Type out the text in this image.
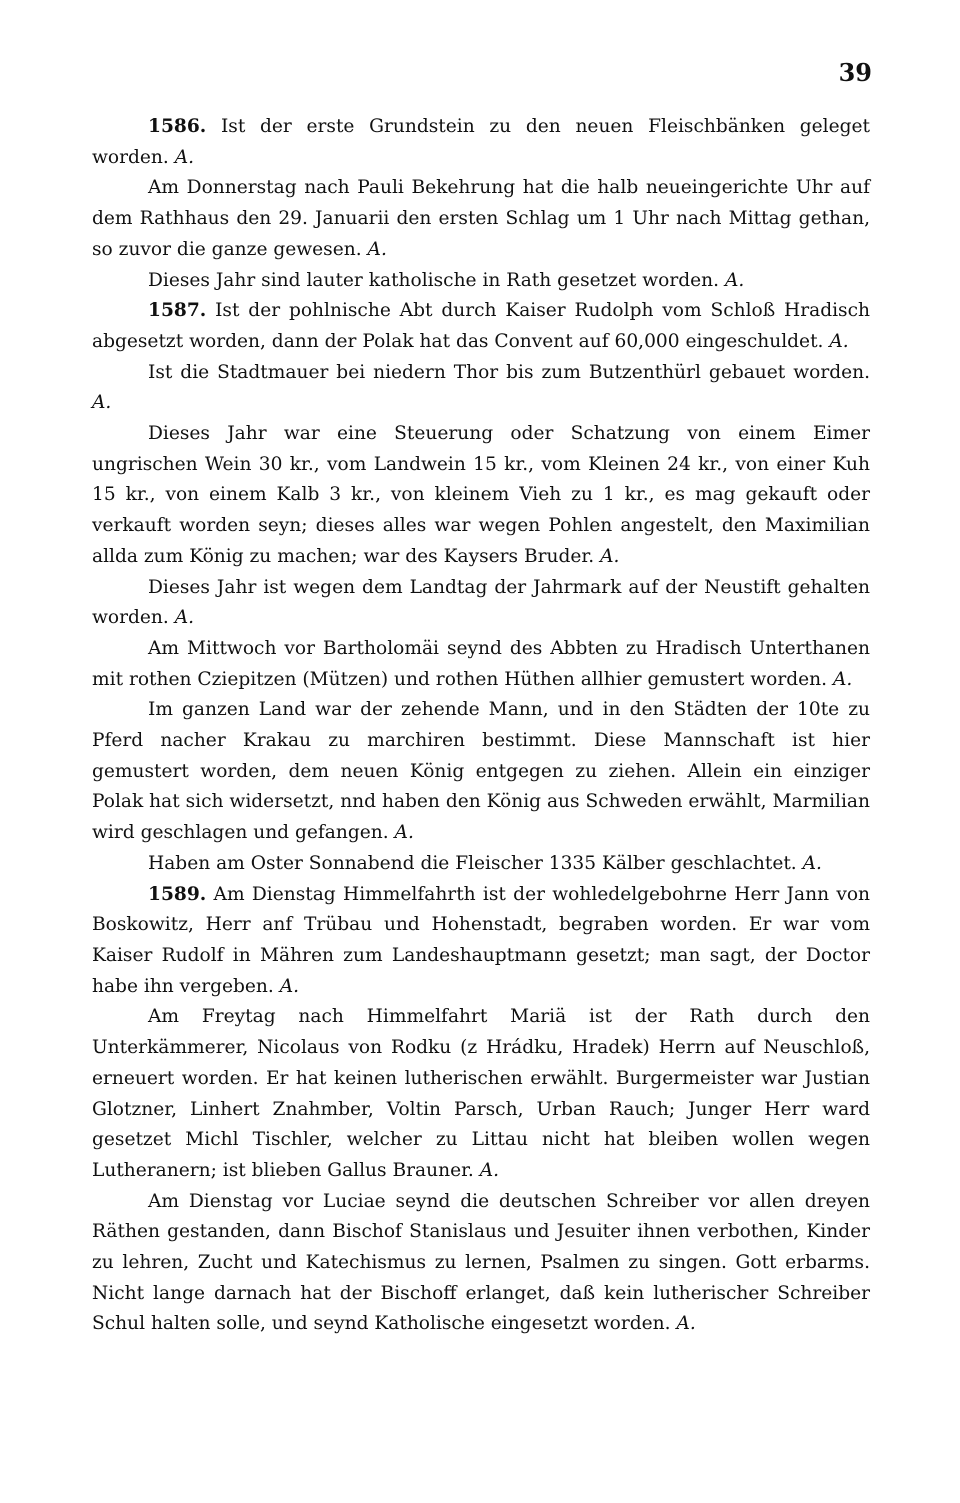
39

1586. Ist der erste Grundstein zu den neuen Fleischbänken geleget worden. A.

Am Donnerstag nach Pauli Bekehrung hat die halb neueingerichte Uhr auf dem Rathhaus den 29. Januarii den ersten Schlag um 1 Uhr nach Mittag gethan, so zuvor die ganze gewesen. A.

Dieses Jahr sind lauter katholische in Rath gesetzet worden. A.

1587. Ist der pohlnische Abt durch Kaiser Rudolph vom Schloß Hradisch abgesetzt worden, dann der Polak hat das Convent auf 60,000 eingeschuldet. A.

Ist die Stadtmauer bei niedern Thor bis zum Butzenthürl gebauet worden. A.

Dieses Jahr war eine Steuerung oder Schatzung von einem Eimer ungrischen Wein 30 kr., vom Landwein 15 kr., vom Kleinen 24 kr., von einer Kuh 15 kr., von einem Kalb 3 kr., von kleinem Vieh zu 1 kr., es mag gekauft oder verkauft worden seyn; dieses alles war wegen Pohlen angestelt, den Maximilian allda zum König zu machen; war des Kaysers Bruder. A.

Dieses Jahr ist wegen dem Landtag der Jahrmark auf der Neustift gehalten worden. A.

Am Mittwoch vor Bartholomäi seynd des Abbten zu Hradisch Unterthanen mit rothen Cziepitzen (Mützen) und rothen Hüthen allhier gemustert worden. A.

Im ganzen Land war der zehende Mann, und in den Städten der 10te zu Pferd nacher Krakau zu marchiren bestimmt. Diese Mannschaft ist hier gemustert worden, dem neuen König entgegen zu ziehen. Allein ein einziger Polak hat sich widersetzt, nnd haben den König aus Schweden erwählt, Marmilian wird geschlagen und gefangen. A.

Haben am Oster Sonnabend die Fleischer 1335 Kälber geschlachtet. A.

1589. Am Dienstag Himmelfahrth ist der wohledelgebohrne Herr Jann von Boskowitz, Herr anf Trübau und Hohenstadt, begraben worden. Er war vom Kaiser Rudolf in Mähren zum Landeshauptmann gesetzt; man sagt, der Doctor habe ihn vergeben. A.

Am Freytag nach Himmelfahrt Mariä ist der Rath durch den Unterkämmerer, Nicolaus von Rodku (z Hrádku, Hradek) Herrn auf Neuschloß, erneuert worden. Er hat keinen lutherischen erwählt. Burgermeister war Justian Glotzner, Linhert Znahmber, Voltin Parsch, Urban Rauch; Junger Herr ward gesetzet Michl Tischler, welcher zu Littau nicht hat bleiben wollen wegen Lutheranern; ist blieben Gallus Brauner. A.

Am Dienstag vor Luciae seynd die deutschen Schreiber vor allen dreyen Räthen gestanden, dann Bischof Stanislaus und Jesuiter ihnen verbothen, Kinder zu lehren, Zucht und Katechismus zu lernen, Psalmen zu singen. Gott erbarms. Nicht lange darnach hat der Bischoff erlanget, daß kein lutherischer Schreiber Schul halten solle, und seynd Katholische eingesetzt worden. A.
